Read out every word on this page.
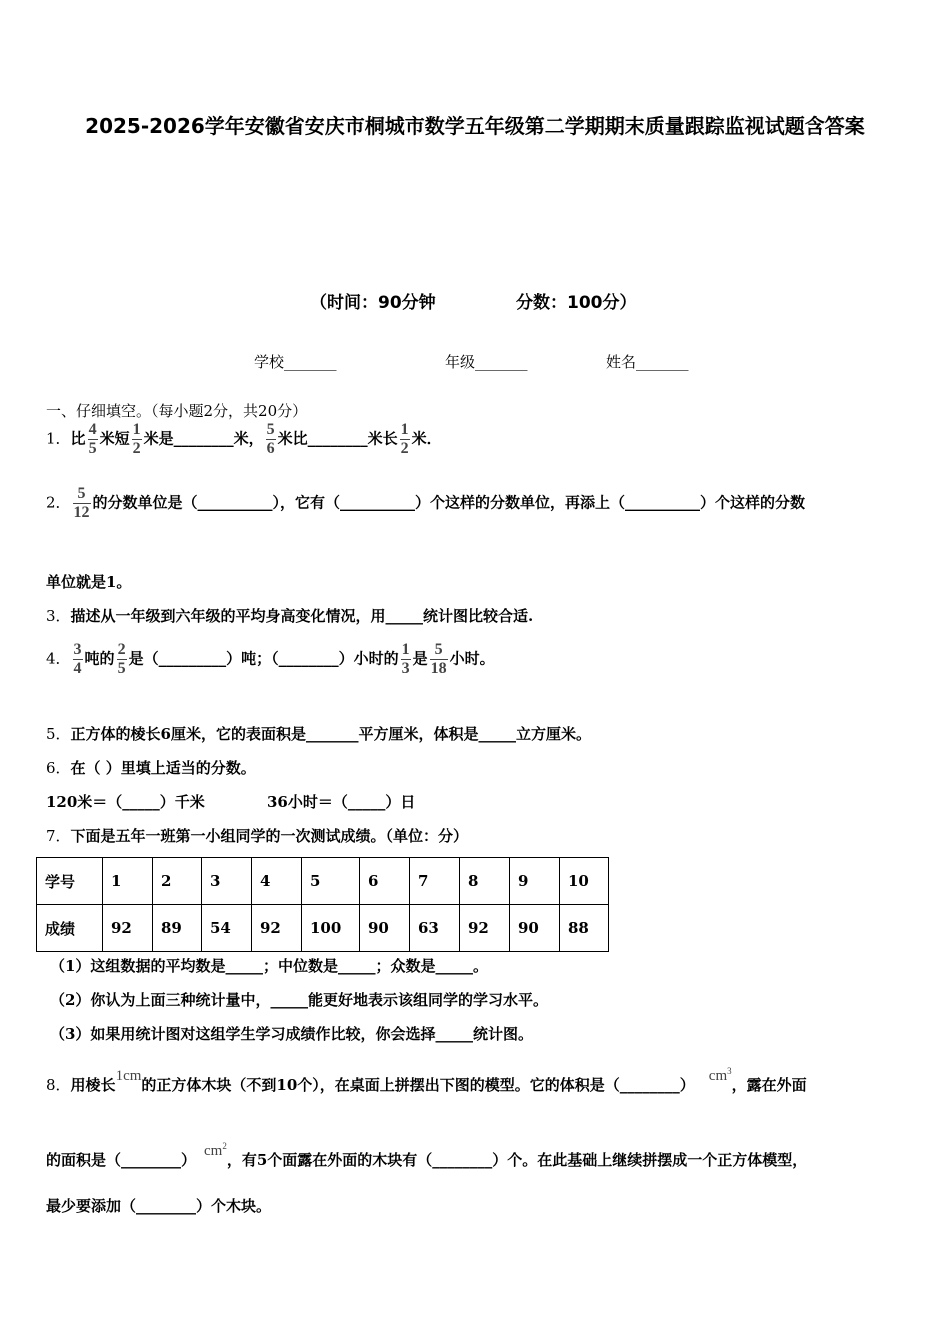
2025-2026学年安徽省安庆市桐城市数学五年级第二学期期末质量跟踪监视试题含答案
（时间：90分钟	分数：100分）
学校_______	年级_______	姓名_______
一、仔细填空。（每小题2分，共20分）
1．比 $\frac{4}{5}$ 米短 $\frac{1}{2}$ 米是________米， $\frac{5}{6}$ 米比________米长 $\frac{1}{2}$ 米．
2． $\frac{5}{12}$ 的分数单位是（__________），它有（__________）个这样的分数单位，再添上（__________）个这样的分数
单位就是1。
3．描述从一年级到六年级的平均身高变化情况，用_____统计图比较合适.
4． $\frac{3}{4}$ 吨的 $\frac{2}{5}$ 是（_________）吨；（________）小时的 $\frac{1}{3}$ 是 $\frac{5}{18}$ 小时。
5．正方体的棱长6厘米，它的表面积是_______平方厘米，体积是_____立方厘米。
6．在（ ）里填上适当的分数。
120米＝（_____）千米	36小时＝（_____）日
7．下面是五年一班第一小组同学的一次测试成绩。（单位：分）
学号	1	2	3	4	5	6	7	8	9	10
成绩	92	89	54	92	100	90	63	92	90	88
（1）这组数据的平均数是_____；中位数是_____；众数是_____。
（2）你认为上面三种统计量中，_____能更好地表示该组同学的学习水平。
（3）如果用统计图对这组学生学习成绩作比较，你会选择_____统计图。
8．用棱长1cm的正方体木块（不到10个），在桌面上拼摆出下图的模型。它的体积是（________） $cm^3$，露在外面
的面积是（________） $cm^2$，有5个面露在外面的木块有（________）个。在此基础上继续拼摆成一个正方体模型，
最少要添加（________）个木块。
